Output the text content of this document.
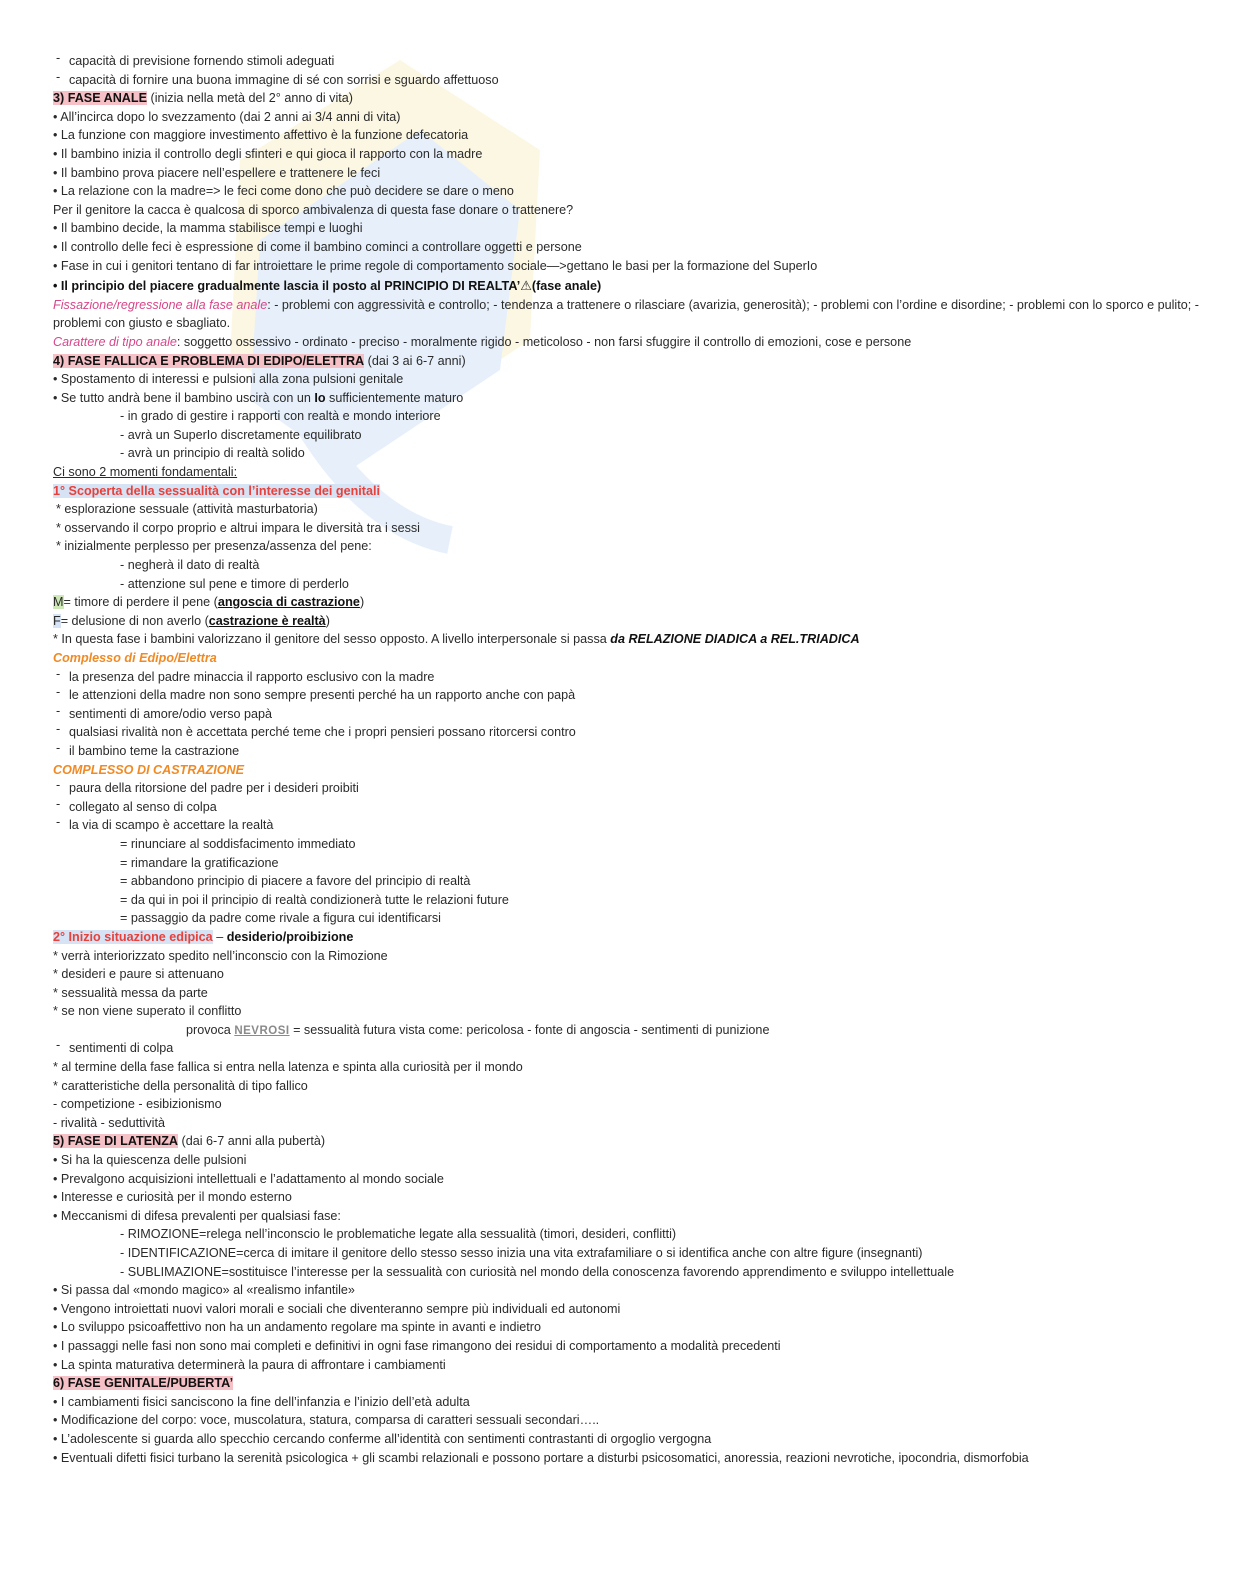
- capacità di previsione fornendo stimoli adeguati
- capacità di fornire una buona immagine di sé con sorrisi e sguardo affettuoso
3) FASE ANALE (inizia nella metà del 2° anno di vita)
• All’incirca dopo lo svezzamento (dai 2 anni ai 3/4 anni di vita)
• La funzione con maggiore investimento affettivo è la funzione defecatoria
• Il bambino inizia il controllo degli sfinteri e qui gioca il rapporto con la madre
• Il bambino prova piacere nell’espellere e trattenere le feci
• La relazione con la madre=> le feci come dono che può decidere se dare o meno
Per il genitore la cacca è qualcosa di sporco ambivalenza di questa fase donare o trattenere?
• Il bambino decide, la mamma stabilisce tempi e luoghi
• Il controllo delle feci è espressione di come il bambino cominci a controllare oggetti e persone
• Fase in cui i genitori tentano di far introiettare le prime regole di comportamento sociale—>gettano le basi per la formazione del SuperIo
• Il principio del piacere gradualmente lascia il posto al PRINCIPIO DI REALTA’⚠(fase anale)
Fissazione/regressione alla fase anale: - problemi con aggressività e controllo; - tendenza a trattenere o rilasciare (avarizia, generosità); - problemi con l’ordine e disordine; - problemi con lo sporco e pulito; - problemi con giusto e sbagliato.
Carattere di tipo anale: soggetto ossessivo - ordinato - preciso - moralmente rigido - meticoloso - non farsi sfuggire il controllo di emozioni, cose e persone
4) FASE FALLICA E PROBLEMA DI EDIPO/ELETTRA (dai 3 ai 6-7 anni)
• Spostamento di interessi e pulsioni alla zona pulsioni genitale
• Se tutto andrà bene il bambino uscirà con un Io sufficientemente maturo
- in grado di gestire i rapporti con realtà e mondo interiore
- avrà un SuperIo discretamente equilibrato
- avrà un principio di realtà solido
Ci sono 2 momenti fondamentali:
1° Scoperta della sessualità con l’interesse dei genitali
* esplorazione sessuale (attività masturbatoria)
* osservando il corpo proprio e altrui impara le diversità tra i sessi
* inizialmente perplesso per presenza/assenza del pene:
- negherà il dato di realtà
- attenzione sul pene e timore di perderlo
M= timore di perdere il pene (angoscia di castrazione)
F= delusione di non averlo (castrazione è realtà)
* In questa fase i bambini valorizzano il genitore del sesso opposto. A livello interpersonale si passa da RELAZIONE DIADICA a REL.TRIADICA
Complesso di Edipo/Elettra
- la presenza del padre minaccia il rapporto esclusivo con la madre
- le attenzioni della madre non sono sempre presenti perché ha un rapporto anche con papà
- sentimenti di amore/odio verso papà
- qualsiasi rivalità non è accettata perché teme che i propri pensieri possano ritorcersi contro
- il bambino teme la castrazione
COMPLESSO DI CASTRAZIONE
- paura della ritorsione del padre per i desideri proibiti
- collegato al senso di colpa
- la via di scampo è accettare la realtà
= rinunciare al soddisfacimento immediato
= rimandare la gratificazione
= abbandono principio di piacere a favore del principio di realtà
= da qui in poi il principio di realtà condizionerà tutte le relazioni future
= passaggio da padre come rivale a figura cui identificarsi
2° Inizio situazione edipica – desiderio/proibizione
* verrà interiorizzato spedito nell’inconscio con la Rimozione
* desideri e paure si attenuano
* sessualità messa da parte
* se non viene superato il conflitto
provoca NEVROSI = sessualità futura vista come: pericolosa - fonte di angoscia - sentimenti di punizione
- sentimenti di colpa
* al termine della fase fallica si entra nella latenza e spinta alla curiosità per il mondo
* caratteristiche della personalità di tipo fallico
- competizione - esibizionismo
- rivalità - seduttività
5) FASE DI LATENZA (dai 6-7 anni alla pubertà)
• Si ha la quiescenza delle pulsioni
• Prevalgono acquisizioni intellettuali e l’adattamento al mondo sociale
• Interesse e curiosità per il mondo esterno
• Meccanismi di difesa prevalenti per qualsiasi fase:
- RIMOZIONE=relega nell’inconscio le problematiche legate alla sessualità (timori, desideri, conflitti)
- IDENTIFICAZIONE=cerca di imitare il genitore dello stesso sesso inizia una vita extrafamiliare o si identifica anche con altre figure (insegnanti)
- SUBLIMAZIONE=sostituisce l’interesse per la sessualità con curiosità nel mondo della conoscenza favorendo apprendimento e sviluppo intellettuale
• Si passa dal «mondo magico» al «realismo infantile»
• Vengono introiettati nuovi valori morali e sociali che diventeranno sempre più individuali ed autonomi
• Lo sviluppo psicoaffettivo non ha un andamento regolare ma spinte in avanti e indietro
• I passaggi nelle fasi non sono mai completi e definitivi in ogni fase rimangono dei residui di comportamento a modalità precedenti
• La spinta maturativa determinerà la paura di affrontare i cambiamenti
6) FASE GENITALE/PUBERTA’
• I cambiamenti fisici sanciscono la fine dell’infanzia e l’inizio dell’età adulta
• Modificazione del corpo: voce, muscolatura, statura, comparsa di caratteri sessuali secondari…..
• L’adolescente si guarda allo specchio cercando conferme all’identità con sentimenti contrastanti di orgoglio vergogna
• Eventuali difetti fisici turbano la serenità psicologica + gli scambi relazionali e possono portare a disturbi psicosomatici, anoressia, reazioni nevrotiche, ipocondria, dismorfobia
